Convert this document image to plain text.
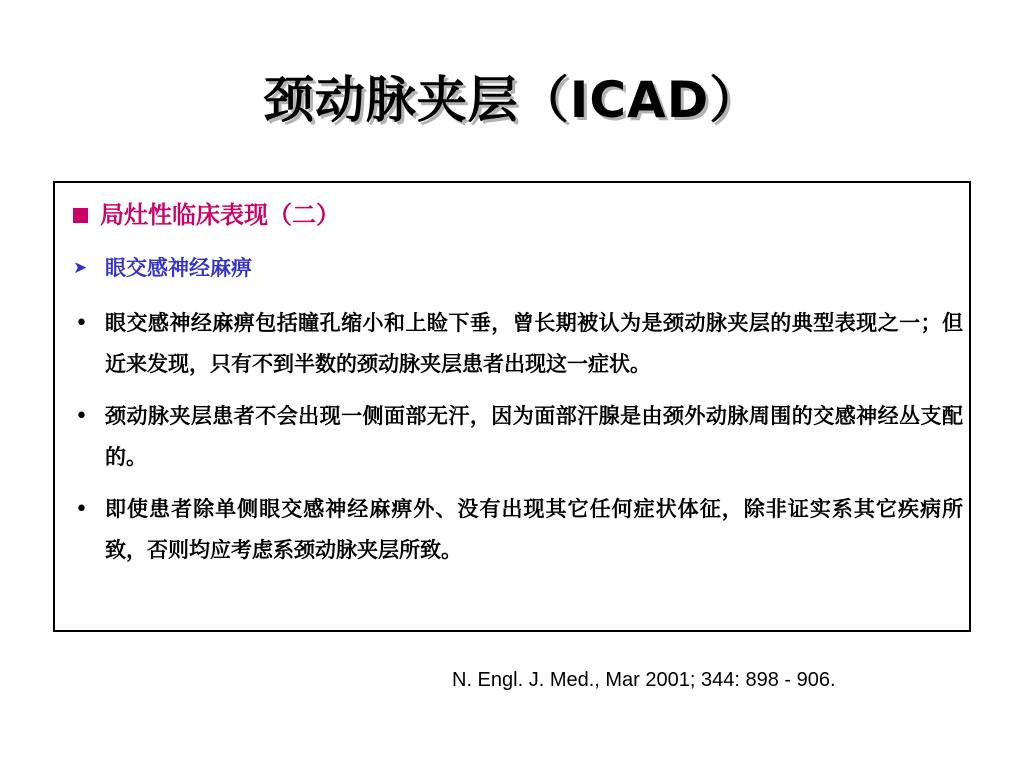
颈动脉夹层（ICAD）
局灶性临床表现（二）
➤ 眼交感神经麻痹
• 眼交感神经麻痹包括瞳孔缩小和上睑下垂，曾长期被认为是颈动脉夹层的典型表现之一；但近来发现，只有不到半数的颈动脉夹层患者出现这一症状。
• 颈动脉夹层患者不会出现一侧面部无汗，因为面部汗腺是由颈外动脉周围的交感神经丛支配的。
• 即使患者除单侧眼交感神经麻痹外、没有出现其它任何症状体征，除非证实系其它疾病所致，否则均应考虑系颈动脉夹层所致。
N. Engl. J. Med., Mar 2001; 344: 898 - 906.
